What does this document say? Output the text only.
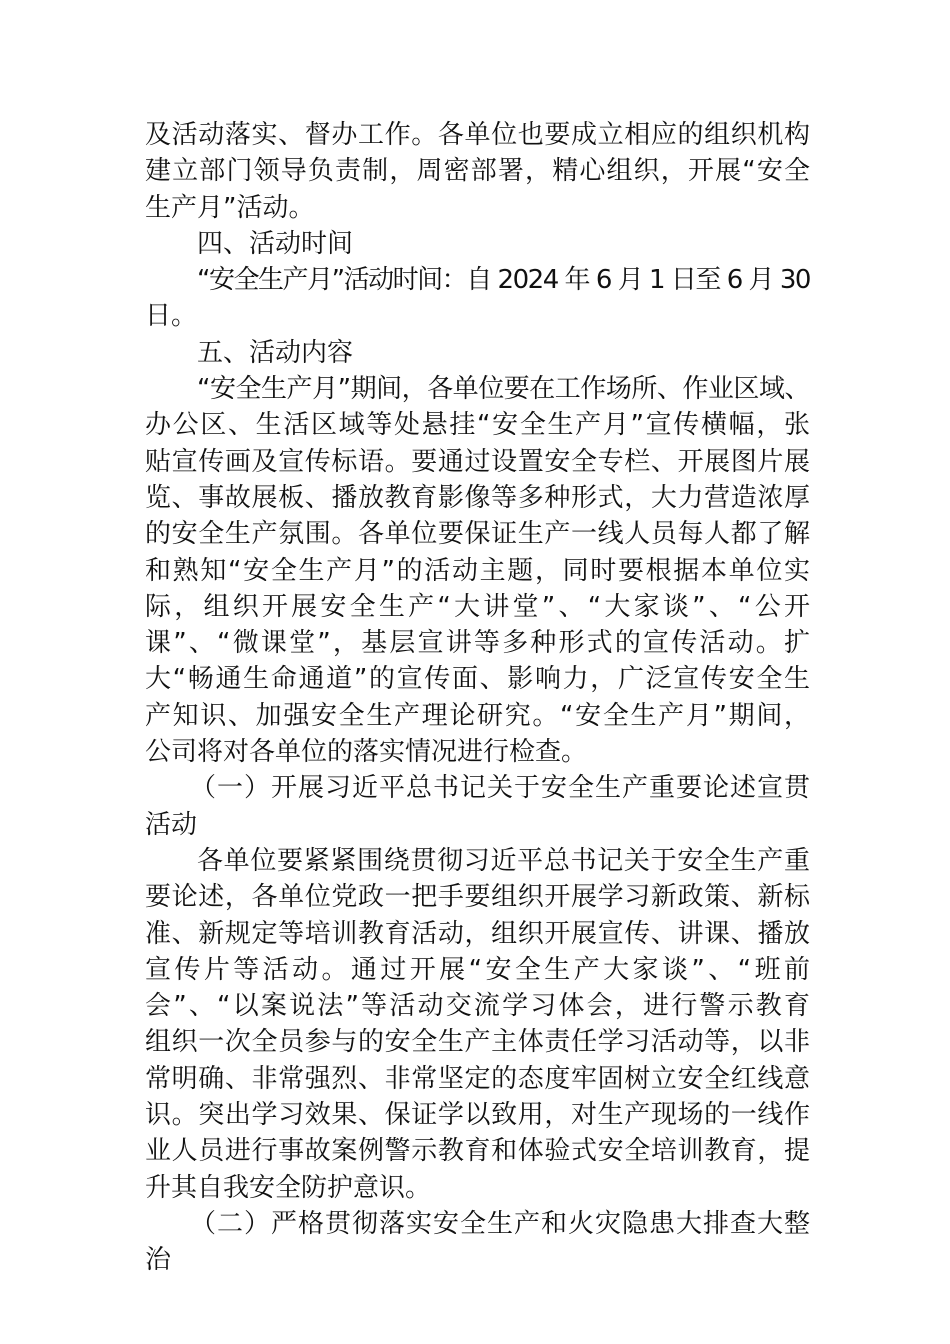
及活动落实、督办工作。各单位也要成立相应的组织机构
建立部门领导负责制，周密部署，精心组织，开展“安全
生产月”活动。
四、活动时间
“安全生产月”活动时间：自 2024 年 6 月 1 日至 6 月 30
日。
五、活动内容
“安全生产月”期间，各单位要在工作场所、作业区域、
办公区、生活区域等处悬挂“安全生产月”宣传横幅，张
贴宣传画及宣传标语。要通过设置安全专栏、开展图片展
览、事故展板、播放教育影像等多种形式，大力营造浓厚
的安全生产氛围。各单位要保证生产一线人员每人都了解
和熟知“安全生产月”的活动主题，同时要根据本单位实
际，组织开展安全生产“大讲堂”、“大家谈”、“公开
课”、“微课堂”，基层宣讲等多种形式的宣传活动。扩
大“畅通生命通道”的宣传面、影响力，广泛宣传安全生
产知识、加强安全生产理论研究。“安全生产月”期间，
公司将对各单位的落实情况进行检查。
（一）开展习近平总书记关于安全生产重要论述宣贯
活动
各单位要紧紧围绕贯彻习近平总书记关于安全生产重
要论述，各单位党政一把手要组织开展学习新政策、新标
准、新规定等培训教育活动，组织开展宣传、讲课、播放
宣传片等活动。通过开展“安全生产大家谈”、“班前
会”、“以案说法”等活动交流学习体会，进行警示教育
组织一次全员参与的安全生产主体责任学习活动等，以非
常明确、非常强烈、非常坚定的态度牢固树立安全红线意
识。突出学习效果、保证学以致用，对生产现场的一线作
业人员进行事故案例警示教育和体验式安全培训教育，提
升其自我安全防护意识。
（二）严格贯彻落实安全生产和火灾隐患大排查大整
治
